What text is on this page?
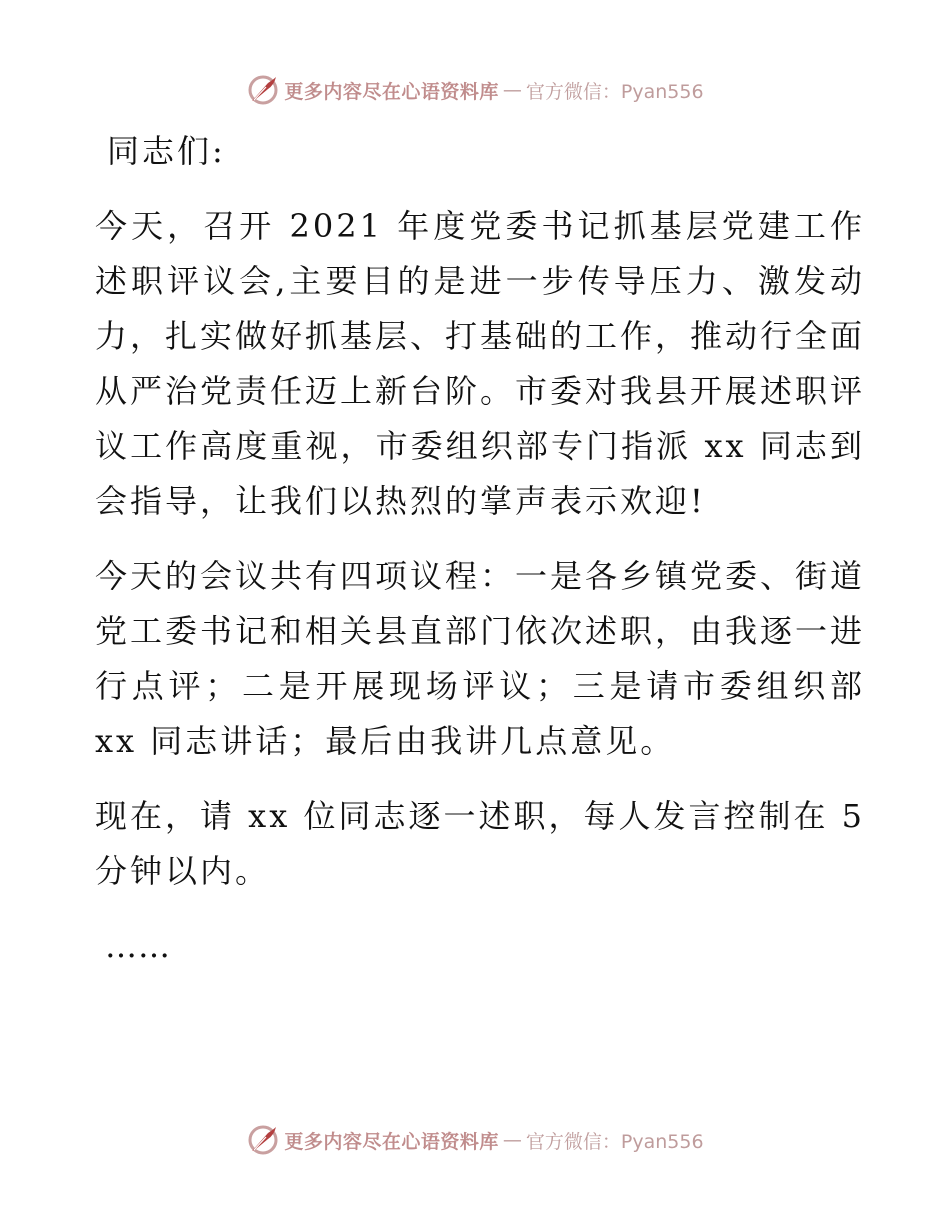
更多内容尽在心语资料库 — 官方微信：Pyan556

同志们:

今天，召开 2021 年度党委书记抓基层党建工作述职评议会,主要目的是进一步传导压力、激发动力，扎实做好抓基层、打基础的工作，推动行全面从严治党责任迈上新台阶。市委对我县开展述职评议工作高度重视，市委组织部专门指派 xx 同志到会指导，让我们以热烈的掌声表示欢迎!

今天的会议共有四项议程：一是各乡镇党委、街道党工委书记和相关县直部门依次述职，由我逐一进行点评；二是开展现场评议；三是请市委组织部 xx 同志讲话；最后由我讲几点意见。

现在，请 xx 位同志逐一述职，每人发言控制在 5 分钟以内。

……

更多内容尽在心语资料库 — 官方微信：Pyan556
